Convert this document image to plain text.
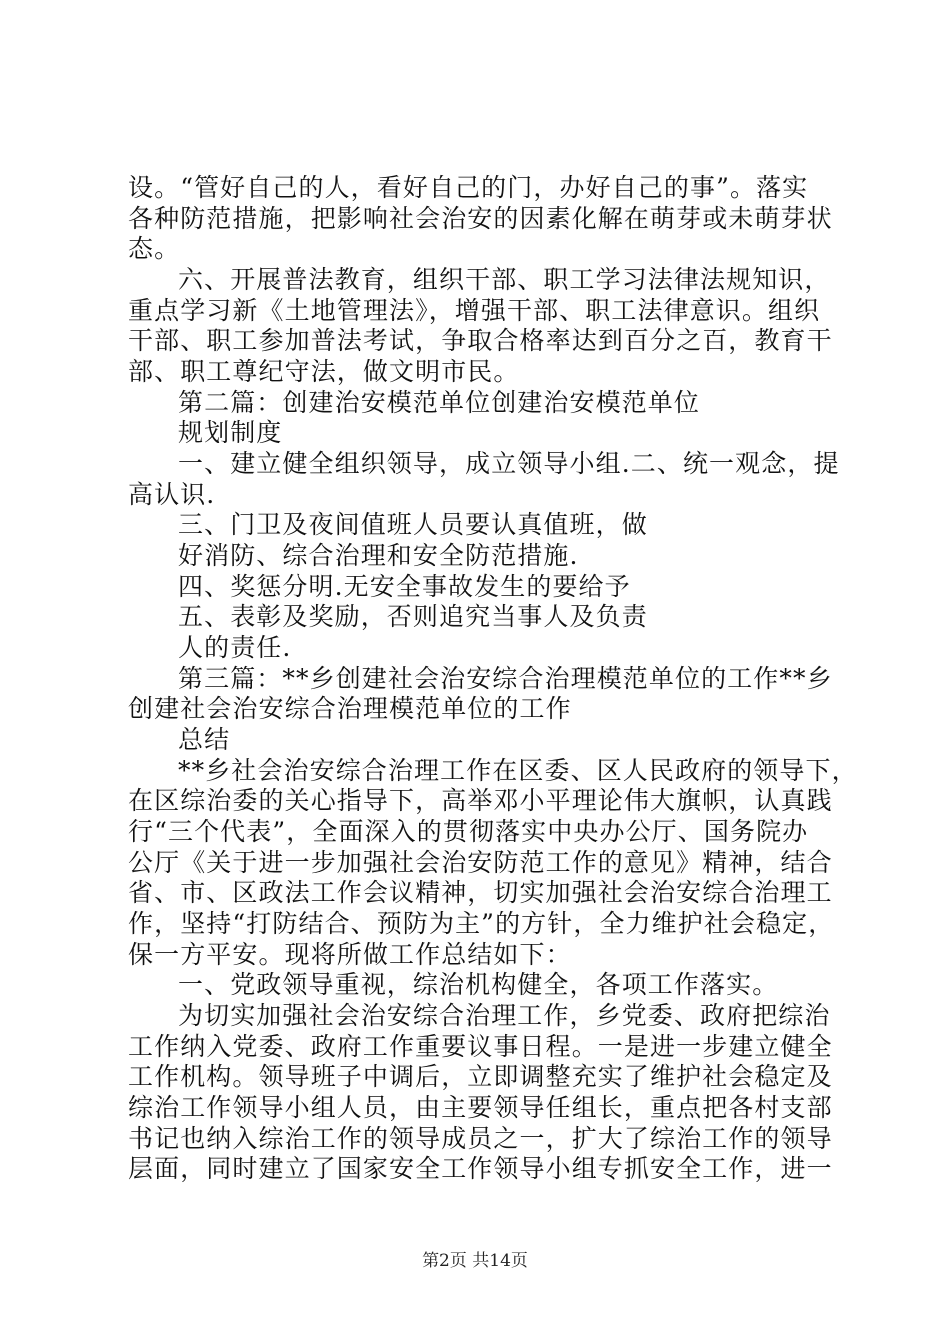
设。“管好自己的人，看好自己的门，办好自己的事”。落实
各种防范措施，把影响社会治安的因素化解在萌芽或未萌芽状
态。
六、开展普法教育，组织干部、职工学习法律法规知识，
重点学习新《土地管理法》，增强干部、职工法律意识。组织
干部、职工参加普法考试，争取合格率达到百分之百，教育干
部、职工尊纪守法，做文明市民。
第二篇：创建治安模范单位创建治安模范单位
规划制度
一、建立健全组织领导，成立领导小组.二、统一观念，提
高认识.
三、门卫及夜间值班人员要认真值班，做
好消防、综合治理和安全防范措施.
四、奖惩分明.无安全事故发生的要给予
五、表彰及奖励，否则追究当事人及负责
人的责任.
第三篇：**乡创建社会治安综合治理模范单位的工作**乡
创建社会治安综合治理模范单位的工作
总结
**乡社会治安综合治理工作在区委、区人民政府的领导下，
在区综治委的关心指导下，高举邓小平理论伟大旗帜，认真践
行“三个代表”，全面深入的贯彻落实中央办公厅、国务院办
公厅《关于进一步加强社会治安防范工作的意见》精神，结合
省、市、区政法工作会议精神，切实加强社会治安综合治理工
作，坚持“打防结合、预防为主”的方针，全力维护社会稳定，
保一方平安。现将所做工作总结如下：
一、党政领导重视，综治机构健全，各项工作落实。
为切实加强社会治安综合治理工作，乡党委、政府把综治
工作纳入党委、政府工作重要议事日程。一是进一步建立健全
工作机构。领导班子中调后，立即调整充实了维护社会稳定及
综治工作领导小组人员，由主要领导任组长，重点把各村支部
书记也纳入综治工作的领导成员之一，扩大了综治工作的领导
层面，同时建立了国家安全工作领导小组专抓安全工作，进一
第2页 共14页
